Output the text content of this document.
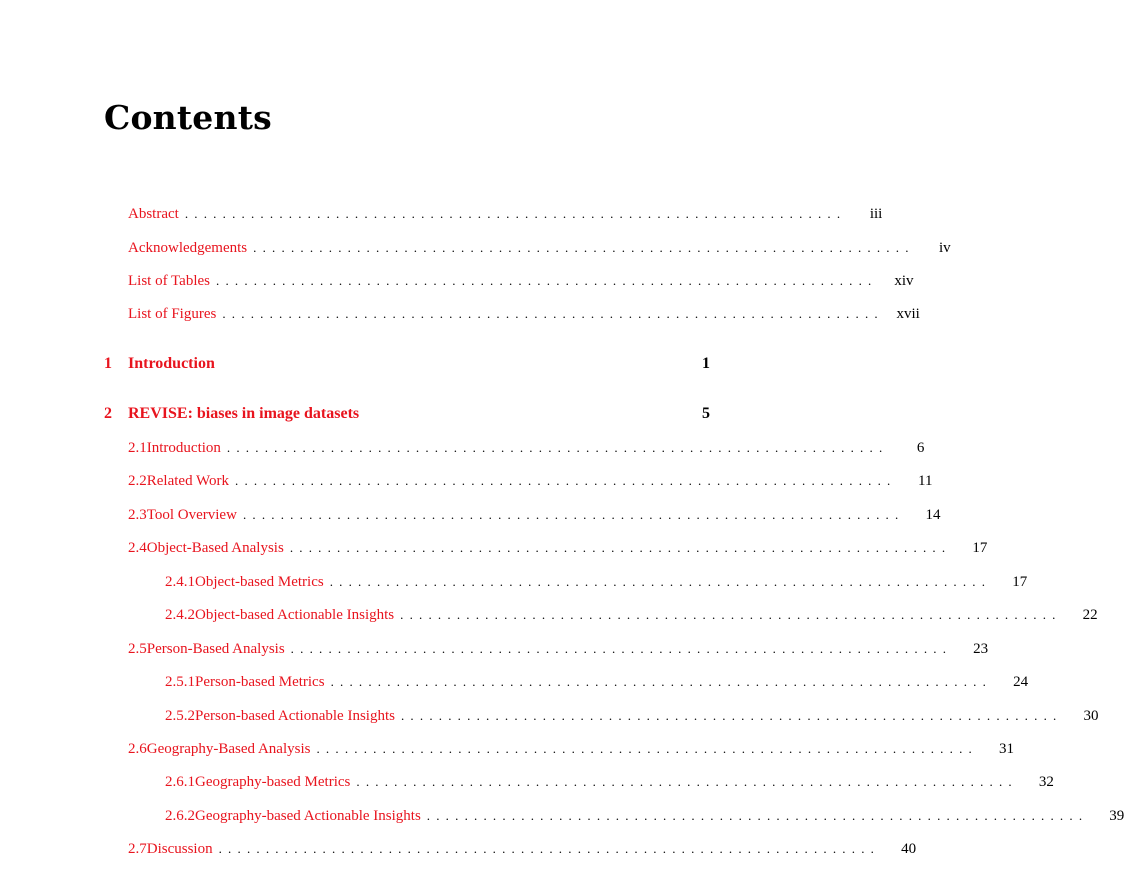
Contents
Abstract ......................................................................	iii
Acknowledgements ......................................................................	iv
List of Tables ......................................................................	xiv
List of Figures ...................................................................... xvii
1	Introduction	1
2	REVISE: biases in image datasets	5
2.1 Introduction ......................................................................	6
2.2 Related Work ......................................................................	11
2.3 Tool Overview ......................................................................	14
2.4 Object-Based Analysis ......................................................................	17
2.4.1 Object-based Metrics ......................................................................	17
2.4.2 Object-based Actionable Insights ......................................................................	22
2.5 Person-Based Analysis ......................................................................	23
2.5.1 Person-based Metrics ......................................................................	24
2.5.2 Person-based Actionable Insights ......................................................................	30
2.6 Geography-Based Analysis ......................................................................	31
2.6.1 Geography-based Metrics ......................................................................	32
2.6.2 Geography-based Actionable Insights ......................................................................	39
2.7 Discussion ......................................................................	40
